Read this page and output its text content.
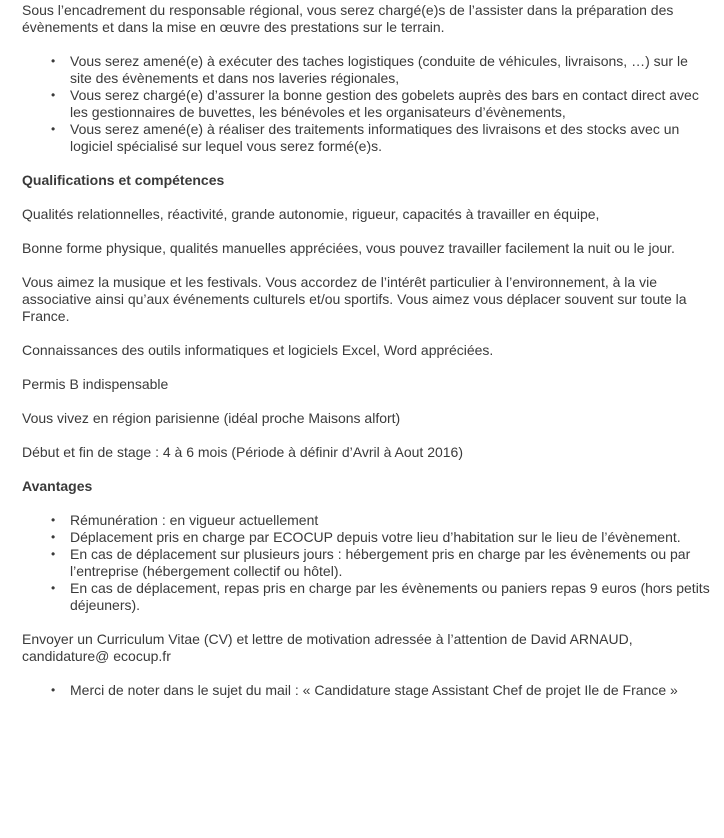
Sous l’encadrement du responsable régional, vous serez chargé(e)s de l’assister dans la préparation des évènements et dans la mise en œuvre des prestations sur le terrain.

• Vous serez amené(e) à exécuter des taches logistiques (conduite de véhicules, livraisons, …) sur le site des évènements et dans nos laveries régionales,
• Vous serez chargé(e) d’assurer la bonne gestion des gobelets auprès des bars en contact direct avec les gestionnaires de buvettes, les bénévoles et les organisateurs d’évènements,
• Vous serez amené(e) à réaliser des traitements informatiques des livraisons et des stocks avec un logiciel spécialisé sur lequel vous serez formé(e)s.
Qualifications et compétences

Qualités relationnelles, réactivité, grande autonomie, rigueur, capacités à travailler en équipe,

Bonne forme physique, qualités manuelles appréciées, vous pouvez travailler facilement la nuit ou le jour.

Vous aimez la musique et les festivals. Vous accordez de l’intérêt particulier à l’environnement, à la vie associative ainsi qu’aux événements culturels et/ou sportifs. Vous aimez vous déplacer souvent sur toute la France.

Connaissances des outils informatiques et logiciels Excel, Word appréciées.

Permis B indispensable

Vous vivez en région parisienne (idéal proche Maisons alfort)

Début et fin de stage : 4 à 6 mois (Période à définir d’Avril à Aout 2016)

Avantages
• Rémunération : en vigueur actuellement
• Déplacement pris en charge par ECOCUP depuis votre lieu d’habitation sur le lieu de l’évènement.
• En cas de déplacement sur plusieurs jours : hébergement pris en charge par les évènements ou par l’entreprise (hébergement collectif ou hôtel).
• En cas de déplacement, repas pris en charge par les évènements ou paniers repas 9 euros (hors petits déjeuners).

Envoyer un Curriculum Vitae (CV) et lettre de motivation adressée à l’attention de David ARNAUD, candidature@ ecocup.fr

• Merci de noter dans le sujet du mail : « Candidature stage Assistant Chef de projet Ile de France »
